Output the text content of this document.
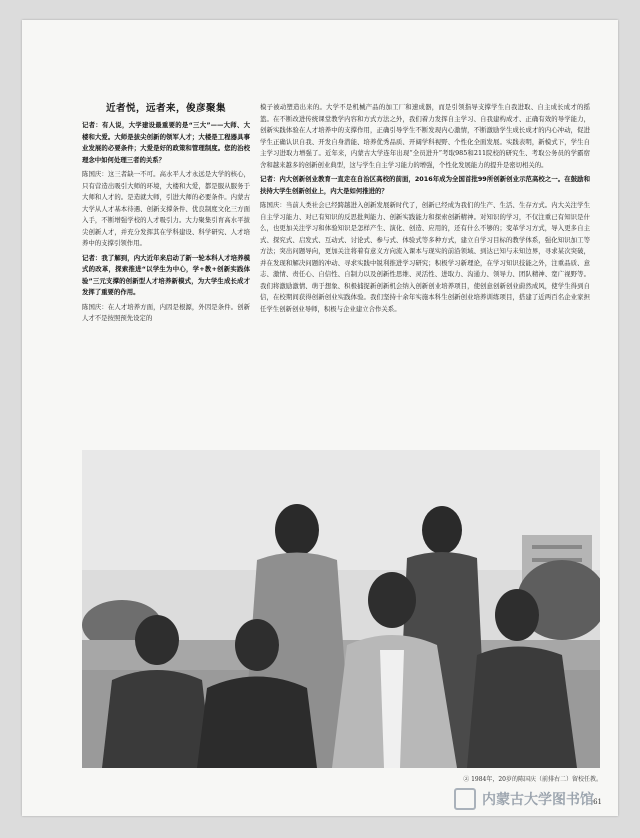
近者悦，远者来，俊彦聚集

记者：有人说，大学建设最重要的是“三大”——大师、大楼和大爱。大师是拔尖创新的领军人才；大楼是工程器具事业发展的必要条件；大爱是好的政策和管理制度。您的治校理念中如何处理三者的关系？

陈国庆：这三者缺一不可。高水平人才永远是大学的核心，只有营造出吸引大师的环境，大楼和大爱，都是服从服务于大师和人才的。是造就大师，引进大师的必要条件。内蒙古大学从人才基本待遇、创新支撑条件、优良制度文化三方面入手，不断增强学校的人才吸引力。大力聚集引育高水平拔尖创新人才，并充分发挥其在学科建设、科学研究、人才培养中的支撑引领作用。

记者：我了解到，内大近年来启动了新一轮本科人才培养模式的改革，探索推进“以学生为中心，学+教+创新实践体验”三元支撑的创新型人才培养新模式，为大学生成长成才发挥了重要的作用。

陈国庆：在人才培养方面，内因是根源，外因是条件。创新人才不是按照预先设定的

模子被动塑造出来的。大学不是机械产品的加工厂和速成器，而是引领指导支撑学生自我进取、自主成长成才的摇篮。在不断改进传统课堂教学内容和方式方法之外，我们着力发挥自主学习、自我建构成才、正确有效的导学能力，创新实践体验在人才培养中的支撑作用，正确引导学生不断发现内心激情，不断激励学生成长成才的内心冲动，促进学生正确认识自我、开发自身潜能、培养优秀品质、开阔学科视野、个性化全面发展。实践表明，新模式下，学生自主学习进取力增强了。近年来，内蒙古大学连年出现“全员进升”考取985和211院校的研究生、考取公务员的学霸宿舍和越来越多的创新创业典型，这与学生自主学习能力的增强，个性化发展能力的提升是密切相关的。

记者：内大创新创业教育一直走在自治区高校的前面，2016年成为全国首批99所创新创业示范高校之一。在鼓励和扶持大学生创新创业上，内大是如何推进的？

陈国庆：当前人类社会已经跨越进入创新发展新时代了，创新已经成为我们的生产、生活、生存方式。内大关注学生自主学习能力、对已有知识的反思批判能力、创新实践能力和探索创新精神。对知识的学习，不仅注重已有知识是什么，也更加关注学习和体验知识是怎样产生、演化、创造、应用的，还有什么不够的；变革学习方式，导入更多自主式、探究式、启发式、互动式、讨论式、参与式、体验式等多种方式，建立自学习目标的教学体系，强化知识加工等方法；突出问题导向，更加关注将着有意义方向流入课本与现实的前沿领域、到达已知与未知边界，寻求某次突破，并在发现和解决问题的冲动、寻求实践中锐利推进学习研究；积极学习新理论，在学习知识技能之外，注重品质、意志、激情、责任心、自信性、自制力以及创新性思维、灵活性、进取力、沟通力、领导力、团队精神、宽广视野等。我们将激励激情、萌于想象、积极捕捉新创新机会纳入创新创业培养项目，使创意创新创业蔚然成风，使学生得到自信，在校期间获得创新创业实践体验。我们坚持十余年实施本科生创新创业培养训练项目，搭建了近两百名企业家担任学生创新创业导师，积极与企业建立合作关系。

② 1984年，20岁的陈国庆（前排右二）留校任教。
61
内蒙古大学图书馆
